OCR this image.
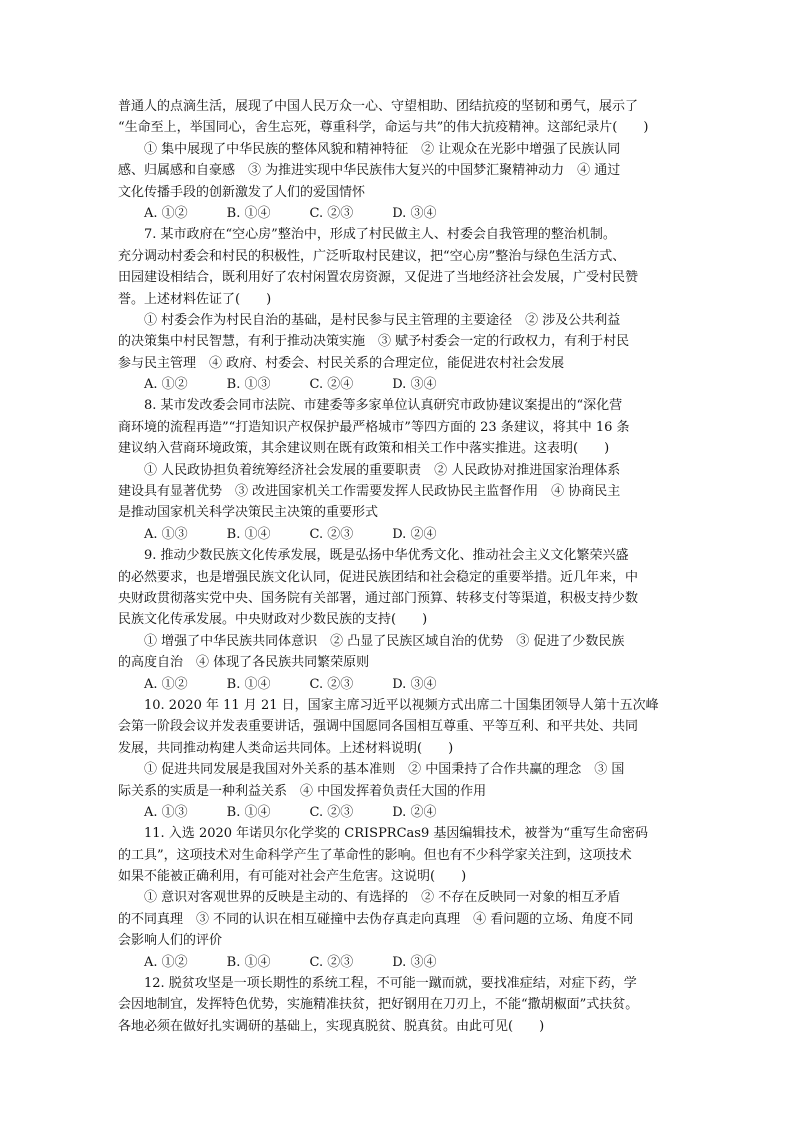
普通人的点滴生活，展现了中国人民万众一心、守望相助、团结抗疫的坚韧和勇气，展示了
“生命至上，举国同心，舍生忘死，尊重科学，命运与共”的伟大抗疫精神。这部纪录片(　　)
　　① 集中展现了中华民族的整体风貌和精神特征　② 让观众在光影中增强了民族认同
感、归属感和自豪感　③ 为推进实现中华民族伟大复兴的中国梦汇聚精神动力　④ 通过
文化传播手段的创新激发了人们的爱国情怀
　　A. ①②　　　B. ①④　　　C. ②③　　　D. ③④
　　7. 某市政府在“空心房”整治中，形成了村民做主人、村委会自我管理的整治机制。
充分调动村委会和村民的积极性，广泛听取村民建议，把“空心房”整治与绿色生活方式、
田园建设相结合，既利用好了农村闲置农房资源，又促进了当地经济社会发展，广受村民赞
誉。上述材料佐证了(　　)
　　① 村委会作为村民自治的基础，是村民参与民主管理的主要途径　② 涉及公共利益
的决策集中村民智慧，有利于推动决策实施　③ 赋予村委会一定的行政权力，有利于村民
参与民主管理　④ 政府、村委会、村民关系的合理定位，能促进农村社会发展
　　A. ①②　　　B. ①③　　　C. ②④　　　D. ③④
　　8. 某市发改委会同市法院、市建委等多家单位认真研究市政协建议案提出的“深化营
商环境的流程再造”“打造知识产权保护最严格城市”等四方面的 23 条建议，将其中 16 条
建议纳入营商环境政策，其余建议则在既有政策和相关工作中落实推进。这表明(　　)
　　① 人民政协担负着统筹经济社会发展的重要职责　② 人民政协对推进国家治理体系
建设具有显著优势　③ 改进国家机关工作需要发挥人民政协民主监督作用　④ 协商民主
是推动国家机关科学决策民主决策的重要形式
　　A. ①③　　　B. ①④　　　C. ②③　　　D. ②④
　　9. 推动少数民族文化传承发展，既是弘扬中华优秀文化、推动社会主义文化繁荣兴盛
的必然要求，也是增强民族文化认同，促进民族团结和社会稳定的重要举措。近几年来，中
央财政贯彻落实党中央、国务院有关部署，通过部门预算、转移支付等渠道，积极支持少数
民族文化传承发展。中央财政对少数民族的支持(　　)
　　① 增强了中华民族共同体意识　② 凸显了民族区域自治的优势　③ 促进了少数民族
的高度自治　④ 体现了各民族共同繁荣原则
　　A. ①②　　　B. ①④　　　C. ②③　　　D. ③④
　　10. 2020 年 11 月 21 日，国家主席习近平以视频方式出席二十国集团领导人第十五次峰
会第一阶段会议并发表重要讲话，强调中国愿同各国相互尊重、平等互利、和平共处、共同
发展，共同推动构建人类命运共同体。上述材料说明(　　)
　　① 促进共同发展是我国对外关系的基本准则　② 中国秉持了合作共赢的理念　③ 国
际关系的实质是一种利益关系　④ 中国发挥着负责任大国的作用
　　A. ①③　　　B. ①④　　　C. ②③　　　D. ②④
　　11. 入选 2020 年诺贝尔化学奖的 CRISPRCas9 基因编辑技术，被誉为“重写生命密码
的工具”，这项技术对生命科学产生了革命性的影响。但也有不少科学家关注到，这项技术
如果不能被正确利用，有可能对社会产生危害。这说明(　　)
　　① 意识对客观世界的反映是主动的、有选择的　② 不存在反映同一对象的相互矛盾
的不同真理　③ 不同的认识在相互碰撞中去伪存真走向真理　④ 看问题的立场、角度不同
会影响人们的评价
　　A. ①②　　　B. ①④　　　C. ②③　　　D. ③④
　　12. 脱贫攻坚是一项长期性的系统工程，不可能一蹴而就，要找准症结，对症下药，学
会因地制宜，发挥特色优势，实施精准扶贫，把好钢用在刀刃上，不能“撒胡椒面”式扶贫。
各地必须在做好扎实调研的基础上，实现真脱贫、脱真贫。由此可见(　　)
